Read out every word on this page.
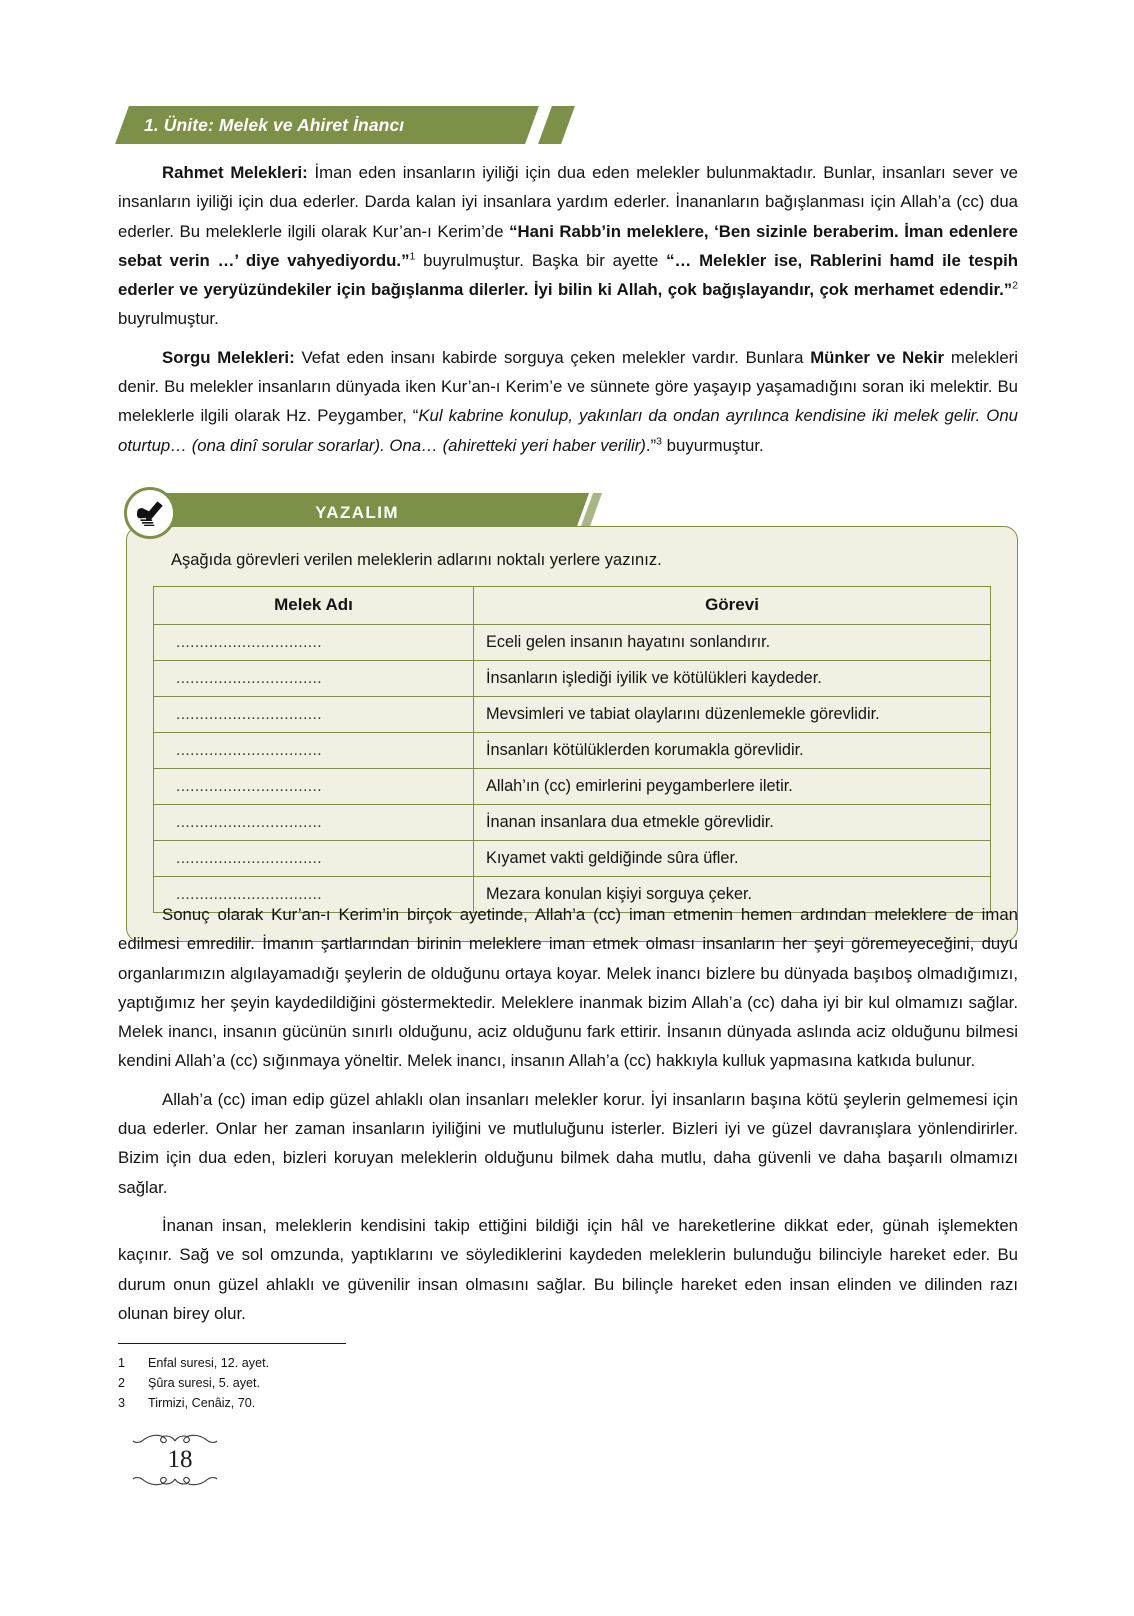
1. Ünite: Melek ve Ahiret İnancı

Rahmet Melekleri: İman eden insanların iyiliği için dua eden melekler bulunmaktadır. Bunlar, insanları sever ve insanların iyiliği için dua ederler. Darda kalan iyi insanlara yardım ederler. İnananların bağışlanması için Allah’a (cc) dua ederler. Bu meleklerle ilgili olarak Kur’an-ı Kerim’de “Hani Rabb’in meleklere, ‘Ben sizinle beraberim. İman edenlere sebat verin …’ diye vahyediyordu.”$^1$ buyrulmuştur. Başka bir ayette “… Melekler ise, Rablerini hamd ile tespih ederler ve yeryüzündekiler için bağışlanma dilerler. İyi bilin ki Allah, çok bağışlayandır, çok merhamet edendir.”$^2$ buyrulmuştur.

Sorgu Melekleri: Vefat eden insanı kabirde sorguya çeken melekler vardır. Bunlara Münker ve Nekir melekleri denir. Bu melekler insanların dünyada iken Kur’an-ı Kerim’e ve sünnete göre yaşayıp yaşamadığını soran iki melektir. Bu meleklerle ilgili olarak Hz. Peygamber, “Kul kabrine konulup, yakınları da ondan ayrılınca kendisine iki melek gelir. Onu oturtup… (ona dinî sorular sorarlar). Ona… (ahiretteki yeri haber verilir).”$^3$ buyurmuştur.

YAZALIM
Aşağıda görevleri verilen meleklerin adlarını noktalı yerlere yazınız.
Melek Adı	Görevi
...............................	Eceli gelen insanın hayatını sonlandırır.
...............................	İnsanların işlediği iyilik ve kötülükleri kaydeder.
...............................	Mevsimleri ve tabiat olaylarını düzenlemekle görevlidir.
...............................	İnsanları kötülüklerden korumakla görevlidir.
...............................	Allah’ın (cc) emirlerini peygamberlere iletir.
...............................	İnanan insanlara dua etmekle görevlidir.
...............................	Kıyamet vakti geldiğinde sûra üfler.
...............................	Mezara konulan kişiyi sorguya çeker.

Sonuç olarak Kur’an-ı Kerim’in birçok ayetinde, Allah’a (cc) iman etmenin hemen ardından meleklere de iman edilmesi emredilir. İmanın şartlarından birinin meleklere iman etmek olması insanların her şeyi göremeyeceğini, duyu organlarımızın algılayamadığı şeylerin de olduğunu ortaya koyar. Melek inancı bizlere bu dünyada başıboş olmadığımızı, yaptığımız her şeyin kaydedildiğini göstermektedir. Meleklere inanmak bizim Allah’a (cc) daha iyi bir kul olmamızı sağlar. Melek inancı, insanın gücünün sınırlı olduğunu, aciz olduğunu fark ettirir. İnsanın dünyada aslında aciz olduğunu bilmesi kendini Allah’a (cc) sığınmaya yöneltir. Melek inancı, insanın Allah’a (cc) hakkıyla kulluk yapmasına katkıda bulunur.

Allah’a (cc) iman edip güzel ahlaklı olan insanları melekler korur. İyi insanların başına kötü şeylerin gelmemesi için dua ederler. Onlar her zaman insanların iyiliğini ve mutluluğunu isterler. Bizleri iyi ve güzel davranışlara yönlendirirler. Bizim için dua eden, bizleri koruyan meleklerin olduğunu bilmek daha mutlu, daha güvenli ve daha başarılı olmamızı sağlar.

İnanan insan, meleklerin kendisini takip ettiğini bildiği için hâl ve hareketlerine dikkat eder, günah işlemekten kaçınır. Sağ ve sol omzunda, yaptıklarını ve söylediklerini kaydeden meleklerin bulunduğu bilinciyle hareket eder. Bu durum onun güzel ahlaklı ve güvenilir insan olmasını sağlar. Bu bilinçle hareket eden insan elinden ve dilinden razı olunan birey olur.

1	Enfal suresi, 12. ayet.
2	Şûra suresi, 5. ayet.
3	Tirmizi, Cenâiz, 70.
18
